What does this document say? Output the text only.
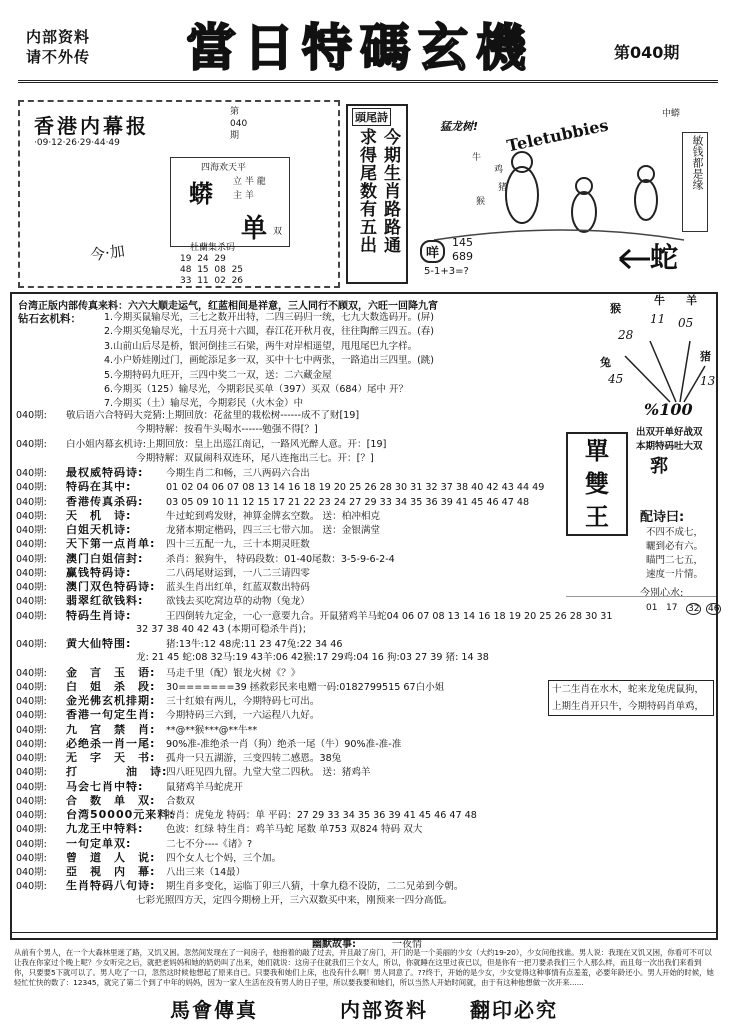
内部资料
请不外传	當日特碼玄機	第040期
香港内幕报
第040期
·09·12·26·29·44·49
四海欢天平
蟒 立 半 龍
主 羊
单 双
杜蘭集杀码
19 24 29
48 15 08 25
33 11 02 26
今·加
頭尾詩
今期生肖路路通
求得尾数有五出
猛龙树! Teletubbies
牛
鸡
猪
猴
敏钱都是缘
中蟒
咩
145
689
5-1+3=?	蛇
台湾正版内部传真来料：六六大顺走运气，红蓝相间是祥意，三人同行不顾双，六旺一回降九宵
钻石玄机料： 1.今期买鼠输尽光，三七之数开出特，二四三码归一统，七九大数选码开。(屏)
2.今期买兔输尽光，十五月亮十六圆，春江花开秋月夜，往往陶醉三四五。(春)
3.山前山后尽是桥，银河倒挂三石梁，两牛对岸相遥望，甩甩尾巴九字样。
4.小户娇娃刚过门，画蛇添足多一双，买中十七中两张，一路追出三四里。(跳)
5.今期特码九旺开，三四中奖二一双，送：二六藏金屋
6.今期买（125）输尽光，今期彩民买单（397）买双（684）尾中 开？
7.今期买（土）输尽光，今期彩民（火木金）中
猴
牛 羊
猪
兔
28
11 05
13
45
%100
出双开单好战双
本期特码吐大双
郛
單
雙
王	配诗曰:
不四不成七，
曬到必有六。
瞄門二七五，
速度一片情。
今別心水:
01 17 32 46
040期: 敬后语六合特码大竞猜:上期回放：花盆里的栽松树------成不了财[19]
今期特解：按看牛头喝水------勉强不得[？]
040期: 白小姐内幕玄机诗:上期回放：皇上出巡江南记，一路风光醉人意。开：[19]
今期特解：双鼠闹科双连环，尾八连拖出三七。开：[？]
040期: 最权威特码诗: 今期生肖二和畅，三八两码六合出
040期: 特码在其中:	01 02 04 06 07 08 13 14 16 18 19 20 25 26 28 30 31 32 37 38 40 42 43 44 49
040期: 香港传真杀码: 03 05 09 10 11 12 15 17 21 22 23 24 27 29 33 34 35 36 39 41 45 46 47 48
040期: 天　机　诗:	牛过蛇到鸡发财，神算金牌玄空数。 送：柏冲相克
040期: 白姐天机诗:	龙猪本期定楷码，四三三七带六加。 送：金银满堂
040期: 天下第一点肖单: 四十三五配一九，三十本期灵旺数
040期: 澳门白姐信封: 杀肖：猴狗牛， 特码段数：01-40尾数：3-5-9-6-2-4
040期: 赢钱特码诗:	二八码尾财运到，一八二三请四零
040期: 澳门双色特码诗: 蓝头生肖出红单，红蓝双数出特码
040期: 翡翠红欲钱料: 欲钱去买吃窝边草的动物（兔龙）
040期: 特码生肖诗:	王四倒转九定金，一心一意要九合。开鼠猪鸡羊马蛇04 06 07 08 13 14 16 18 19 20 25 26 28 30 31
32 37 38 40 42 43 (本期可稳杀牛肖)；
040期: 黄大仙特围:	猪:13牛:12 48虎:11 23 47兔:22 34 46
龙: 21 45 蛇:08 32马:19 43羊:06 42猴:17 29鸡:04 16 狗:03 27 39 猪: 14 38
040期: 金　言　玉　语: 马走千里（配）银龙火树《？》
040期: 白　姐　杀　段: 30=======39 拯救彩民来电赠一码:0182799515 67白小姐
040期: 金光佛玄机排期: 三十红娘有两儿，今期特码七可出。
040期: 香港一句定生肖: 今期特码三六到，一六运程八九好。
040期: 九　宫　禁　肖: **@**猴***@**牛**
040期: 必绝杀一肖一尾: 90%准-准绝杀一肖（狗）绝杀一尾（牛）90%准-准-准
040期: 无　字　天　书: 孤舟一只五湖游，三变四转二感恩。38兔
040期: 打　　　　油　诗:四八旺见四九留。九堂大堂二四秋。 送：猪鸡羊
040期: 马会七肖中特: 鼠猪鸡羊马蛇虎开
040期: 合　数　单　双: 合数双
040期: 台湾50000元来料:特肖：虎兔龙 特码：单 平码：27 29 33 34 35 36 39 41 45 46 47 48
040期: 九龙王中特料: 色波：红绿 特生肖：鸡羊马蛇 尾数 单753 双824 特码 双大
040期: 一句定单双:	二七不分----《诸》?
040期: 曾　道　人　说: 四个女人七个妈，三个加。
040期: 亞　視　内　幕: 八出三来（14最）
040期: 生肖特码八句诗: 期生肖多变化，运临丁卯三八猜，十拿九稳不设防，二二兄弟到今朝。
七彩光照四方天，定四今期榜上开，三六双数买中来，刚预来一四分高低。
十二生肖在水木，蛇来龙兔虎鼠狗，上期生肖开只牛，今期特码肖单鸡，
幽默故事:	一夜情
从前有个男人，在一个大森林里迷了路，又饥又困。忽然间发现在了一间房子，他抱着的敲了过去，并且敲了房门，开门的是一个美丽的少女（大约19-20），少女问他找谁。男人说：我现在又饥又困，你看可不可以让我在你家过个晚上呢？少女听完之后，就把老妈妈和她的奶奶叫了出来，她们就说：这房子住就我们三个女人，所以，你就睡在这里过夜已以，但是你有一把刀要杀我们三个人那么样，而且每一次出我们来看到你，只要要5下就可以了。男人吃了一口，忽然这时候他想起了原来自已。只要我和她们上床，也没有什么啊！男人同意了。??终于，开始的是少女，少女觉得这种事情有点羞羞，必要年龄还小。男人开始的时候，她轻忙忙快的数了：12345，就完了第二个到了中年的妈妈，因为一家人生活在没有男人的日子里，所以要我要和她们，所以当然人开始时间就，由于有这种他想做一次开来......
馬會傳真	内部资料 翻印必究
